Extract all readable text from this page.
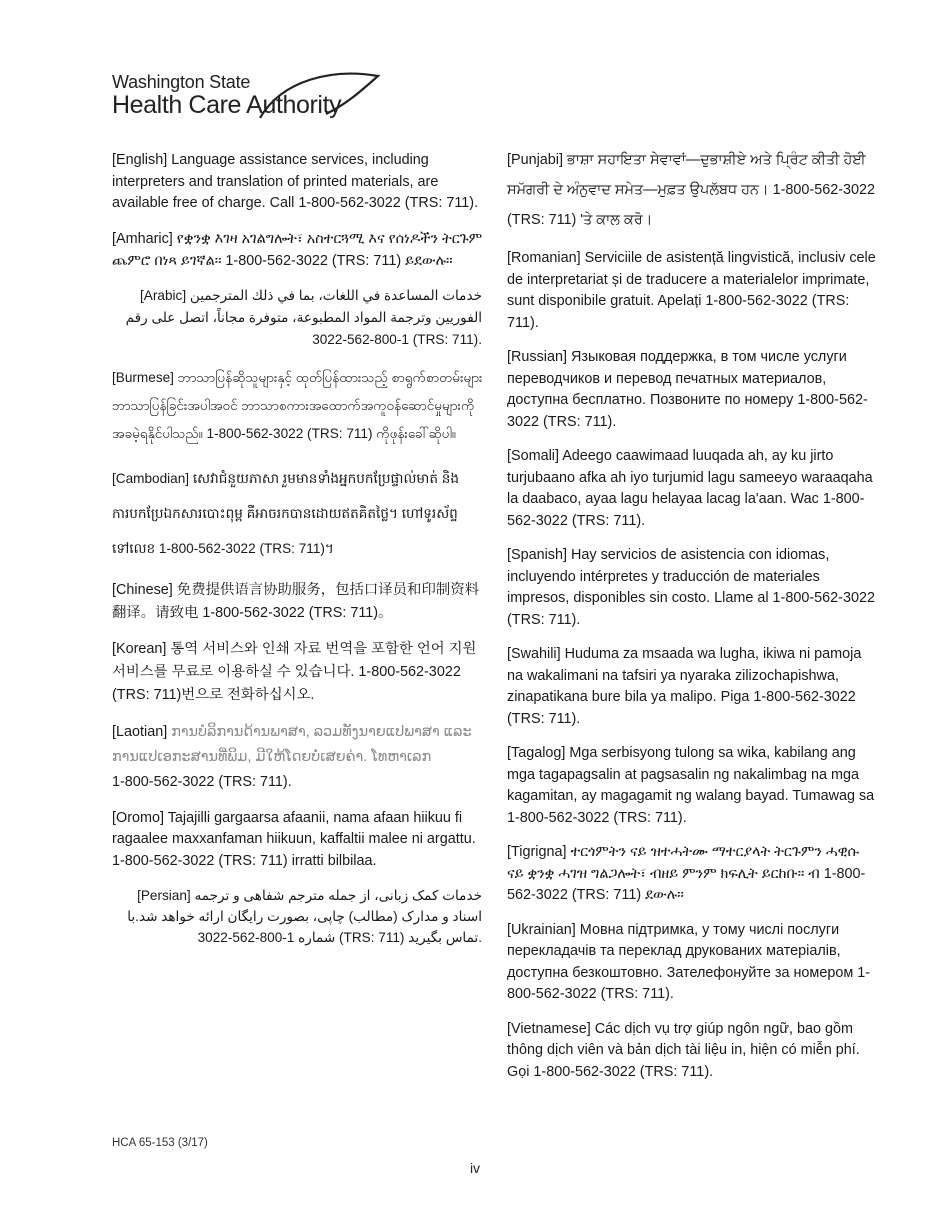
Washington State
Health Care Authority

[English] Language assistance services, including interpreters and translation of printed materials, are available free of charge. Call 1-800-562-3022 (TRS: 711).

[Amharic] የቋንቋ እገዛ አገልግሎት፣ አስተርጓሚ እና የሰነዶችን ትርጉም ጨምሮ በነጻ ይገኛል። 1-800-562-3022 (TRS: 711) ይደውሉ።

[Arabic] خدمات المساعدة في اللغات، بما في ذلك المترجمين الفوريين وترجمة المواد المطبوعة، متوفرة مجاناً، اتصل على رقم 1-800-562-3022 (TRS: 711).

[Burmese] ဘာသာပြန်ဆိုသူများနှင့် ထုတ်ပြန်ထားသည့် စာရွက်စာတမ်းများဘာသာပြန်ခြင်းအပါအဝင် ဘာသာစကားအထောက်အကူဝန်ဆောင်မှုများကို အခမဲ့ရနိုင်ပါသည်။ 1-800-562-3022 (TRS: 711) ကိုဖုန်းခေါ်ဆိုပါ။

[Cambodian] សេវាជំនួយភាសា រួមមានទាំងអ្នកបកប្រែផ្ទាល់មាត់ និងការបកប្រែឯកសារបោះពុម្ព គឺអាចរកបានដោយឥតគិតថ្លៃ។ ហៅទូរស័ព្ទទៅលេខ 1-800-562-3022 (TRS: 711)។

[Chinese] 免费提供语言协助服务，包括口译员和印制资料翻译。请致电 1-800-562-3022 (TRS: 711)。

[Korean] 통역 서비스와 인쇄 자료 번역을 포함한 언어 지원 서비스를 무료로 이용하실 수 있습니다. 1-800-562-3022 (TRS: 711)번으로 전화하십시오.

[Laotian] ການບໍລິການດ້ານພາສາ, ລວມທັງນາຍແປພາສາ ແລະ ການແປເອກະສານທີ່ພິມ, ມີໃຫ້ໂດຍບໍ່ເສຍຄ່າ. ໂທຫາເລກ 1-800-562-3022 (TRS: 711).

[Oromo] Tajajilli gargaarsa afaanii, nama afaan hiikuu fi ragaalee maxxanfaman hiikuun, kaffaltii malee ni argattu. 1-800-562-3022 (TRS: 711) irratti bilbilaa.

[Persian] خدمات کمک زبانی، از جمله مترجم شفاهی و ترجمه اسناد و مدارک (مطالب) چاپی، بصورت رایگان ارائه خواهد شد.با شماره 1-800-562-3022 (TRS: 711) تماس بگیرید.

[Punjabi] ਭਾਸ਼ਾ ਸਹਾਇਤਾ ਸੇਵਾਵਾਂ—ਦੁਭਾਸ਼ੀਏ ਅਤੇ ਪ੍ਰਿੰਟ ਕੀਤੀ ਹੋਈ ਸਮੱਗਰੀ ਦੇ ਅੰਨੁਵਾਦ ਸਮੇਤ—ਮੁਫ਼ਤ ਉਪਲੱਬਧ ਹਨ। 1-800-562-3022 (TRS: 711) 'ਤੇ ਕਾਲ ਕਰੋ।

[Romanian] Serviciile de asistență lingvistică, inclusiv cele de interpretariat și de traducere a materialelor imprimate, sunt disponibile gratuit. Apelați 1-800-562-3022 (TRS: 711).

[Russian] Языковая поддержка, в том числе услуги переводчиков и перевод печатных материалов, доступна бесплатно. Позвоните по номеру 1-800-562-3022 (TRS: 711).

[Somali] Adeego caawimaad luuqada ah, ay ku jirto turjubaano afka ah iyo turjumid lagu sameeyo waraaqaha la daabaco, ayaa lagu helayaa lacag la'aan. Wac 1-800-562-3022 (TRS: 711).

[Spanish] Hay servicios de asistencia con idiomas, incluyendo intérpretes y traducción de materiales impresos, disponibles sin costo. Llame al 1-800-562-3022 (TRS: 711).

[Swahili] Huduma za msaada wa lugha, ikiwa ni pamoja na wakalimani na tafsiri ya nyaraka zilizochapishwa, zinapatikana bure bila ya malipo. Piga 1-800-562-3022 (TRS: 711).

[Tagalog] Mga serbisyong tulong sa wika, kabilang ang mga tagapagsalin at pagsasalin ng nakalimbag na mga kagamitan, ay magagamit ng walang bayad. Tumawag sa 1-800-562-3022 (TRS: 711).

[Tigrigna] ተርጎምትን ናይ ዝተሓትሙ ማተርያላት ትርጉምን ሓዊሱ ናይ ቋንቋ ሓገዝ ግልጋሎት፣ ብዘይ ምንም ክፍሊት ይርከቡ። ብ 1-800-562-3022 (TRS: 711) ደውሉ።

[Ukrainian] Мовна підтримка, у тому числі послуги перекладачів та переклад друкованих матеріалів, доступна безкоштовно. Зателефонуйте за номером 1-800-562-3022 (TRS: 711).

[Vietnamese] Các dịch vụ trợ giúp ngôn ngữ, bao gồm thông dịch viên và bản dịch tài liệu in, hiện có miễn phí. Gọi 1-800-562-3022 (TRS: 711).

HCA 65-153 (3/17)
iv
